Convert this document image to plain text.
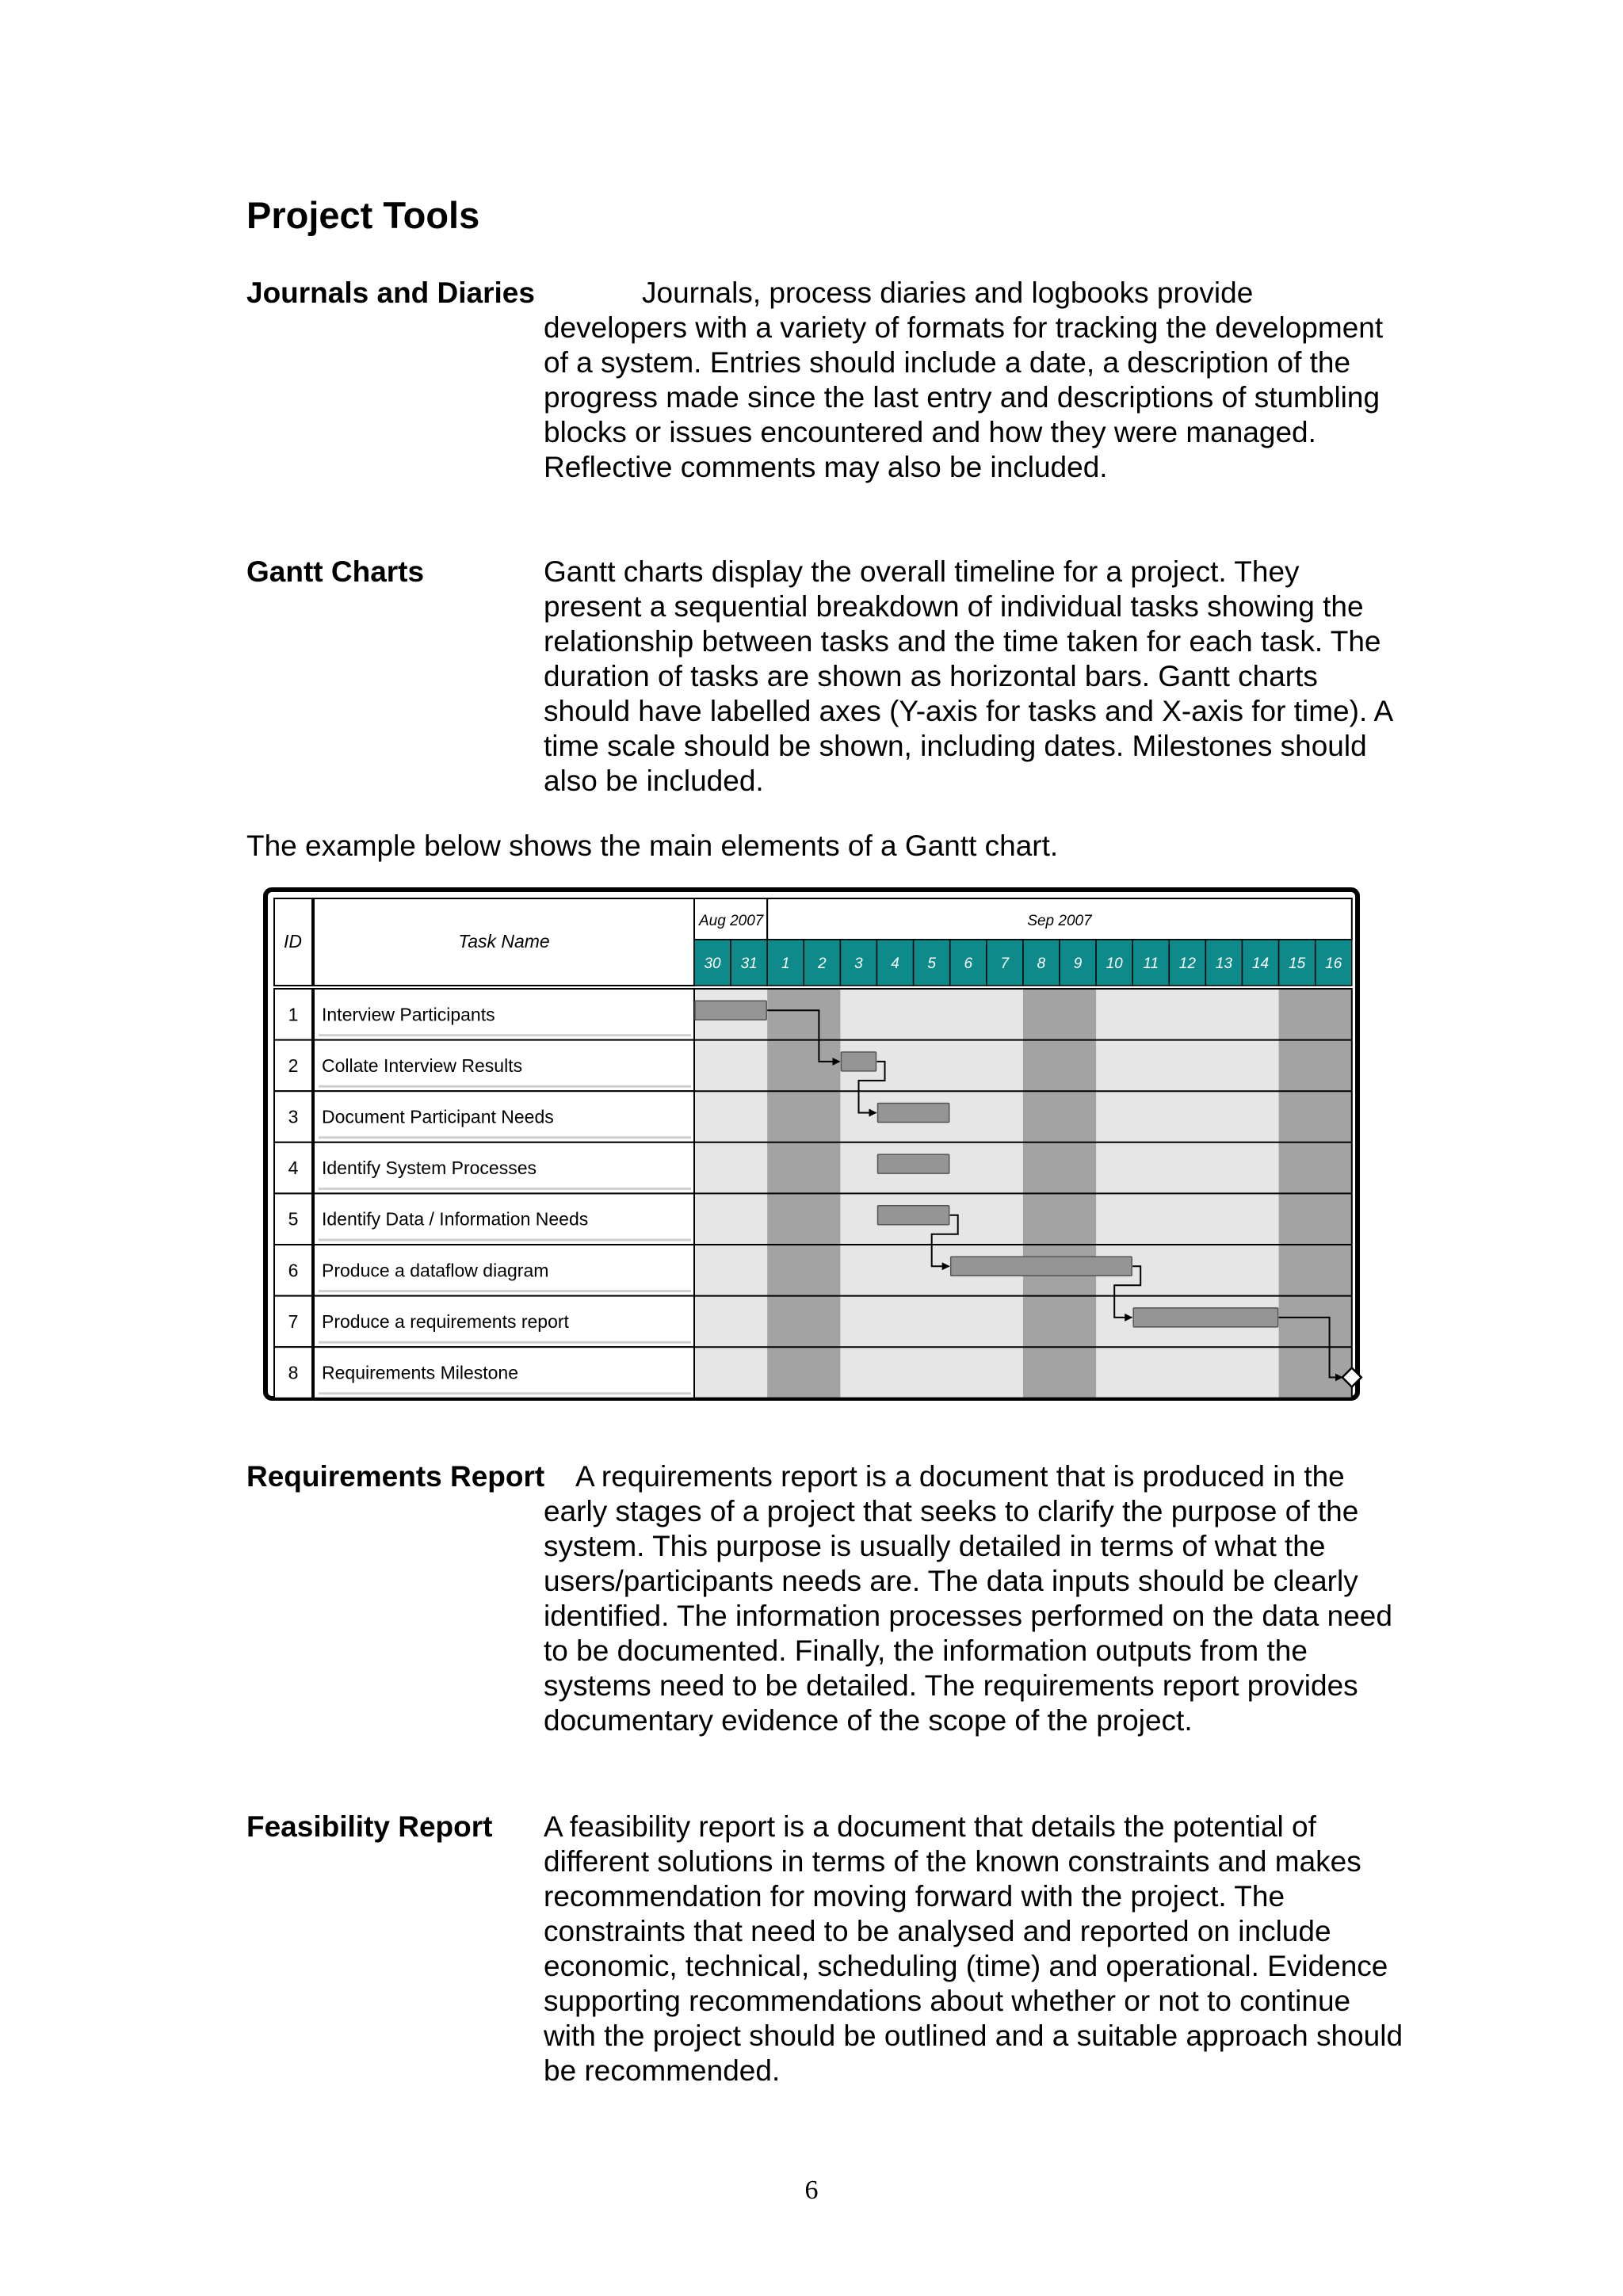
Project Tools
Journals and Diaries	Journals, process diaries and logbooks provide developers with a variety of formats for tracking the development of a system. Entries should include a date, a description of the progress made since the last entry and descriptions of stumbling blocks or issues encountered and how they were managed. Reflective comments may also be included.
Gantt Charts	Gantt charts display the overall timeline for a project. They present a sequential breakdown of individual tasks showing the relationship between tasks and the time taken for each task. The duration of tasks are shown as horizontal bars. Gantt charts should have labelled axes (Y-axis for tasks and X-axis for time). A time scale should be shown, including dates. Milestones should also be included.
The example below shows the main elements of a Gantt chart.
ID	Task Name
Aug 2007	Sep 2007
30 31 1 2 3 4 5 6 7 8 9 10 11 12 13 14 15 16
1 Interview Participants
2 Collate Interview Results
3 Document Participant Needs
4 Identify System Processes
5 Identify Data / Information Needs
6 Produce a dataflow diagram
7 Produce a requirements report
8 Requirements Milestone
Requirements Report	A requirements report is a document that is produced in the early stages of a project that seeks to clarify the purpose of the system. This purpose is usually detailed in terms of what the users/participants needs are. The data inputs should be clearly identified. The information processes performed on the data need to be documented. Finally, the information outputs from the systems need to be detailed. The requirements report provides documentary evidence of the scope of the project.
Feasibility Report A feasibility report is a document that details the potential of different solutions in terms of the known constraints and makes recommendation for moving forward with the project. The constraints that need to be analysed and reported on include economic, technical, scheduling (time) and operational. Evidence supporting recommendations about whether or not to continue with the project should be outlined and a suitable approach should be recommended.
6
